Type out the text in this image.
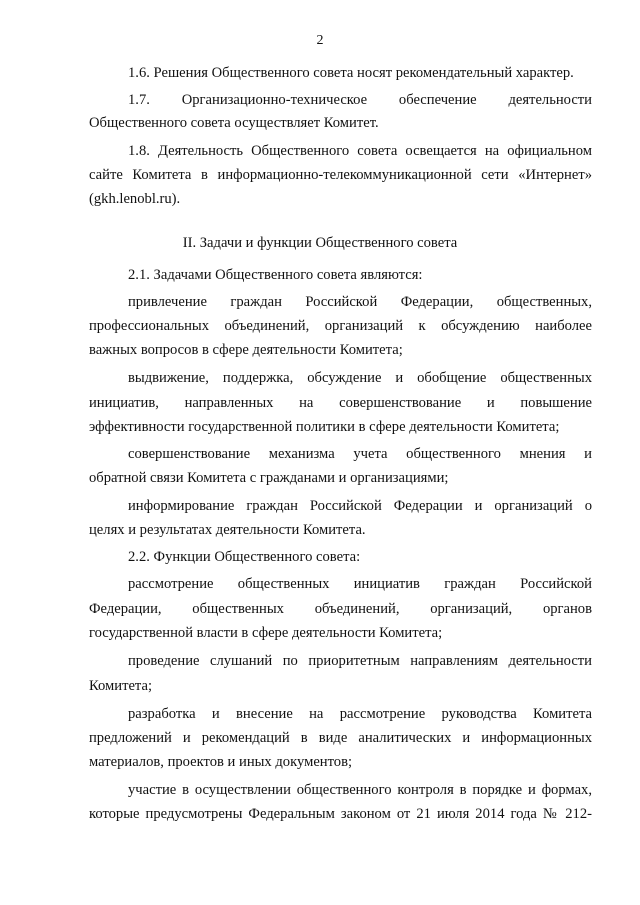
2
1.6. Решения Общественного совета носят рекомендательный характер.
1.7. Организационно-техническое обеспечение деятельности
Общественного совета осуществляет Комитет.
1.8. Деятельность Общественного совета освещается на официальном
сайте Комитета в информационно-телекоммуникационной сети «Интернет»
(gkh.lenobl.ru).
II. Задачи и функции Общественного совета
2.1. Задачами Общественного совета являются:
привлечение граждан Российской Федерации, общественных,
профессиональных объединений, организаций к обсуждению наиболее
важных вопросов в сфере деятельности Комитета;
выдвижение, поддержка, обсуждение и обобщение общественных
инициатив, направленных на совершенствование и повышение
эффективности государственной политики в сфере деятельности Комитета;
совершенствование механизма учета общественного мнения и
обратной связи Комитета с гражданами и организациями;
информирование граждан Российской Федерации и организаций о
целях и результатах деятельности Комитета.
2.2. Функции Общественного совета:
рассмотрение общественных инициатив граждан Российской
Федерации, общественных объединений, организаций, органов
государственной власти в сфере деятельности Комитета;
проведение слушаний по приоритетным направлениям деятельности
Комитета;
разработка и внесение на рассмотрение руководства Комитета
предложений и рекомендаций в виде аналитических и информационных
материалов, проектов и иных документов;
участие в осуществлении общественного контроля в порядке и формах,
которые предусмотрены Федеральным законом от 21 июля 2014 года № 212-
